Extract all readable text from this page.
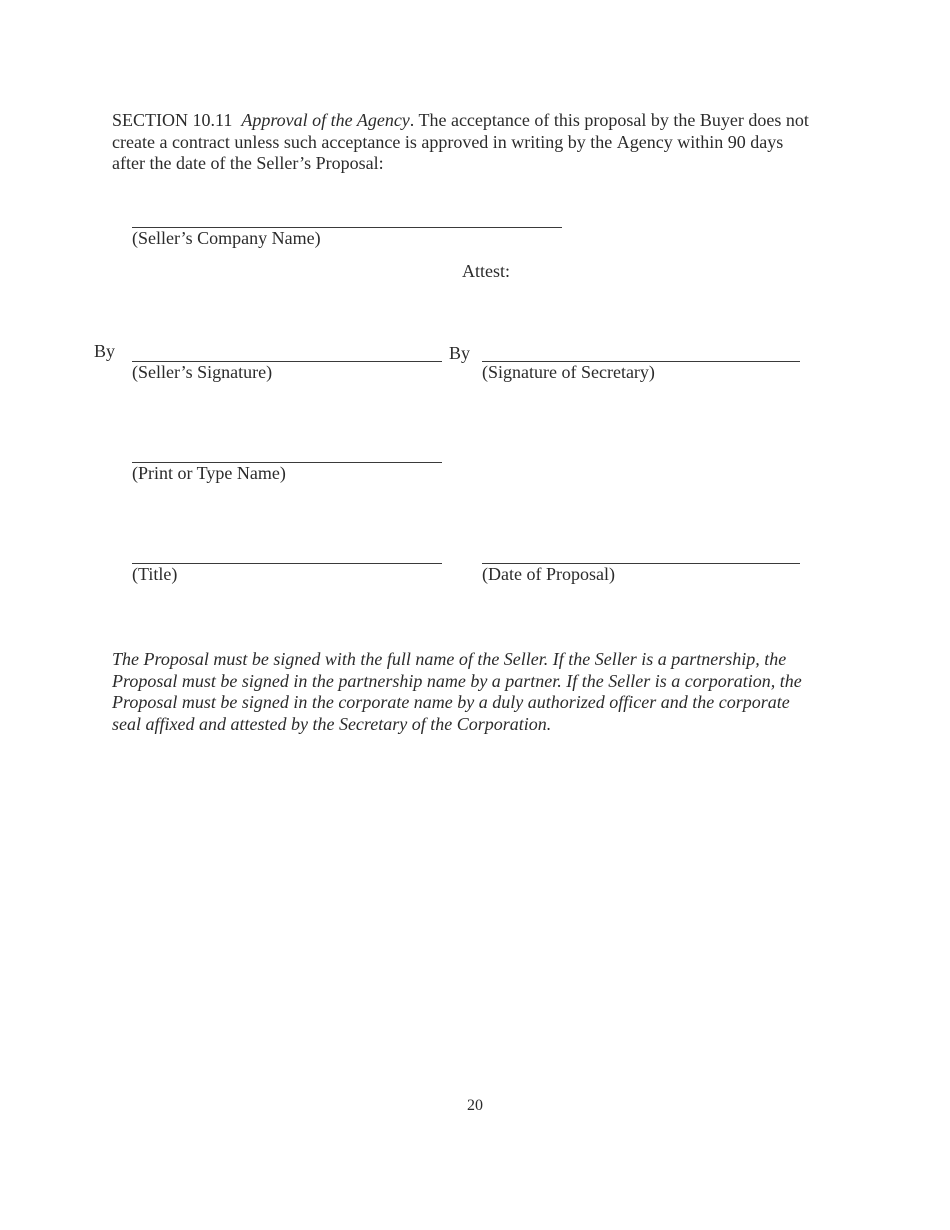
SECTION 10.11 Approval of the Agency. The acceptance of this proposal by the Buyer does not
create a contract unless such acceptance is approved in writing by the Agency within 90 days
after the date of the Seller’s Proposal:
(Seller’s Company Name)
Attest:
By
(Seller’s Signature)
By
(Signature of Secretary)
(Print or Type Name)
(Title)	(Date of Proposal)
The Proposal must be signed with the full name of the Seller. If the Seller is a partnership, the
Proposal must be signed in the partnership name by a partner. If the Seller is a corporation, the
Proposal must be signed in the corporate name by a duly authorized officer and the corporate
seal affixed and attested by the Secretary of the Corporation.
20
